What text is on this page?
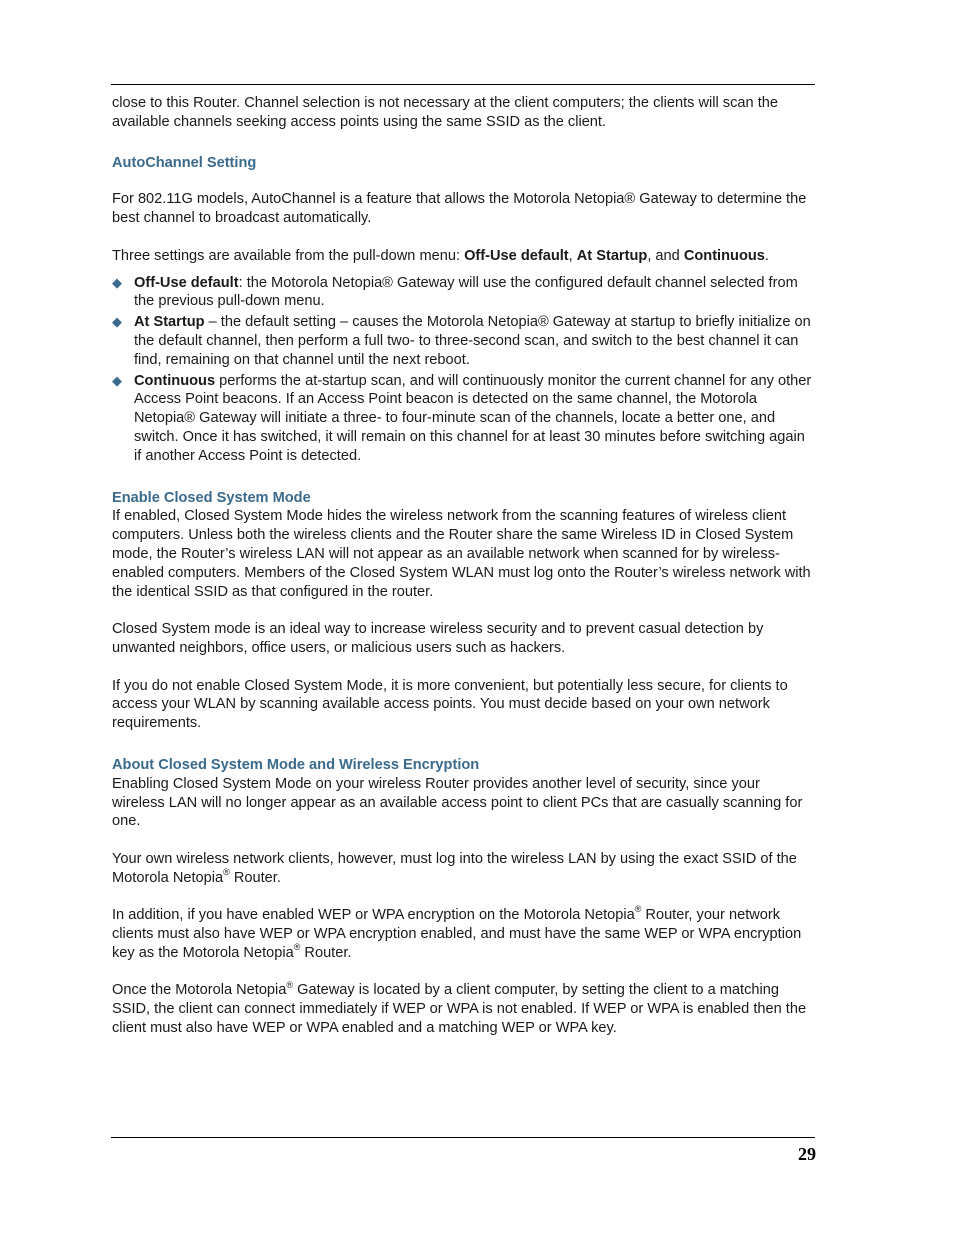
close to this Router. Channel selection is not necessary at the client computers; the clients will scan the available channels seeking access points using the same SSID as the client.

AutoChannel Setting

For 802.11G models, AutoChannel is a feature that allows the Motorola Netopia® Gateway to determine the best channel to broadcast automatically.

Three settings are available from the pull-down menu: Off-Use default, At Startup, and Continuous.

◆ Off-Use default: the Motorola Netopia® Gateway will use the configured default channel selected from the previous pull-down menu.
◆ At Startup – the default setting – causes the Motorola Netopia® Gateway at startup to briefly initialize on the default channel, then perform a full two- to three-second scan, and switch to the best channel it can find, remaining on that channel until the next reboot.
◆ Continuous performs the at-startup scan, and will continuously monitor the current channel for any other Access Point beacons. If an Access Point beacon is detected on the same channel, the Motorola Netopia® Gateway will initiate a three- to four-minute scan of the channels, locate a better one, and switch. Once it has switched, it will remain on this channel for at least 30 minutes before switching again if another Access Point is detected.
Enable Closed System Mode

If enabled, Closed System Mode hides the wireless network from the scanning features of wireless client computers. Unless both the wireless clients and the Router share the same Wireless ID in Closed System mode, the Router’s wireless LAN will not appear as an available network when scanned for by wireless-enabled computers. Members of the Closed System WLAN must log onto the Router’s wireless network with the identical SSID as that configured in the router.

Closed System mode is an ideal way to increase wireless security and to prevent casual detection by unwanted neighbors, office users, or malicious users such as hackers.

If you do not enable Closed System Mode, it is more convenient, but potentially less secure, for clients to access your WLAN by scanning available access points. You must decide based on your own network requirements.

About Closed System Mode and Wireless Encryption

Enabling Closed System Mode on your wireless Router provides another level of security, since your wireless LAN will no longer appear as an available access point to client PCs that are casually scanning for one.

Your own wireless network clients, however, must log into the wireless LAN by using the exact SSID of the Motorola Netopia® Router.

In addition, if you have enabled WEP or WPA encryption on the Motorola Netopia® Router, your network clients must also have WEP or WPA encryption enabled, and must have the same WEP or WPA encryption key as the Motorola Netopia® Router.

Once the Motorola Netopia® Gateway is located by a client computer, by setting the client to a matching SSID, the client can connect immediately if WEP or WPA is not enabled. If WEP or WPA is enabled then the client must also have WEP or WPA enabled and a matching WEP or WPA key.

29
